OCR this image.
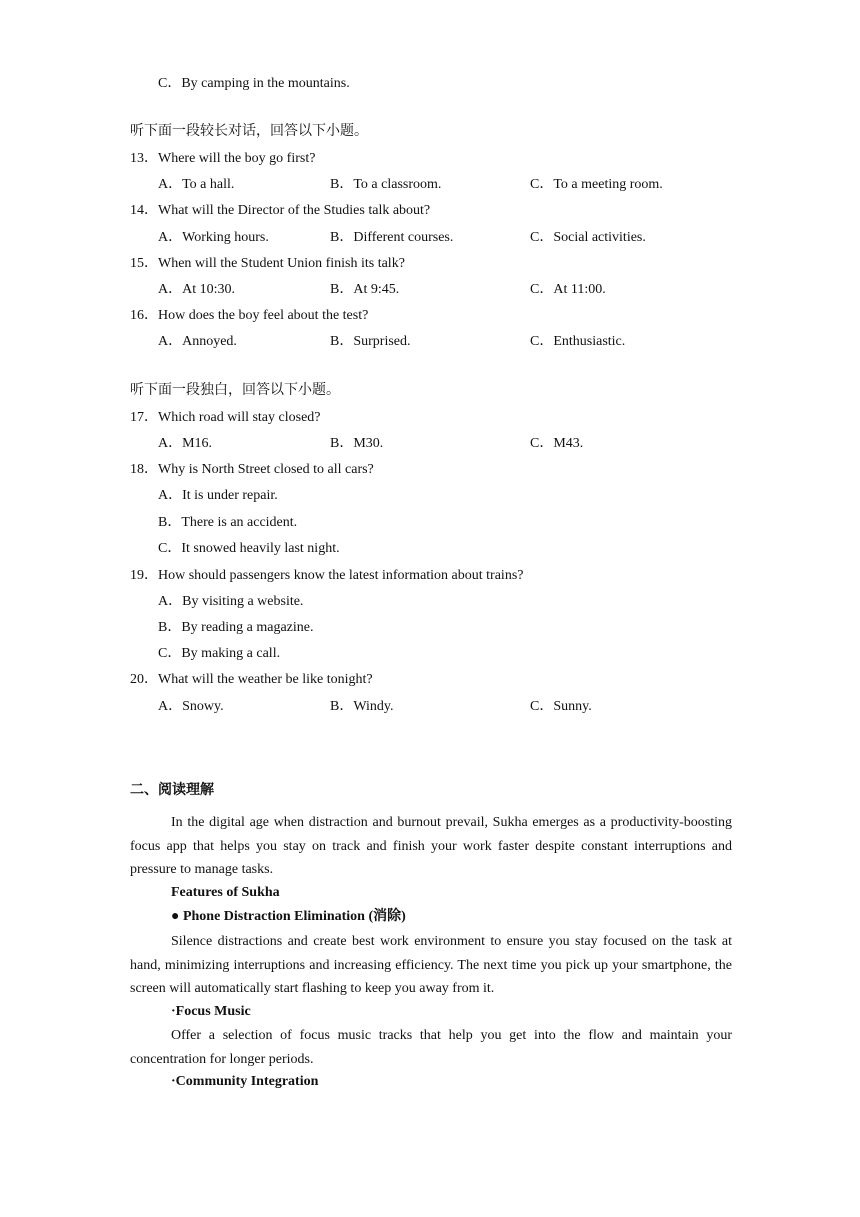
C．By camping in the mountains.
听下面一段较长对话，回答以下小题。
13．Where will the boy go first?
A．To a hall.	B．To a classroom.	C．To a meeting room.
14．What will the Director of the Studies talk about?
A．Working hours.	B．Different courses.	C．Social activities.
15．When will the Student Union finish its talk?
A．At 10:30.	B．At 9:45.	C．At 11:00.
16．How does the boy feel about the test?
A．Annoyed.	B．Surprised.	C．Enthusiastic.
听下面一段独白，回答以下小题。
17．Which road will stay closed?
A．M16.	B．M30.	C．M43.
18．Why is North Street closed to all cars?
A．It is under repair.
B．There is an accident.
C．It snowed heavily last night.
19．How should passengers know the latest information about trains?
A．By visiting a website.
B．By reading a magazine.
C．By making a call.
20．What will the weather be like tonight?
A．Snowy.	B．Windy.	C．Sunny.
二、阅读理解
In the digital age when distraction and burnout prevail, Sukha emerges as a productivity-boosting focus app that helps you stay on track and finish your work faster despite constant interruptions and pressure to manage tasks.
Features of Sukha
● Phone Distraction Elimination (消除)
Silence distractions and create best work environment to ensure you stay focused on the task at hand, minimizing interruptions and increasing efficiency. The next time you pick up your smartphone, the screen will automatically start flashing to keep you away from it.
·Focus Music
Offer a selection of focus music tracks that help you get into the flow and maintain your concentration for longer periods.
·Community Integration
